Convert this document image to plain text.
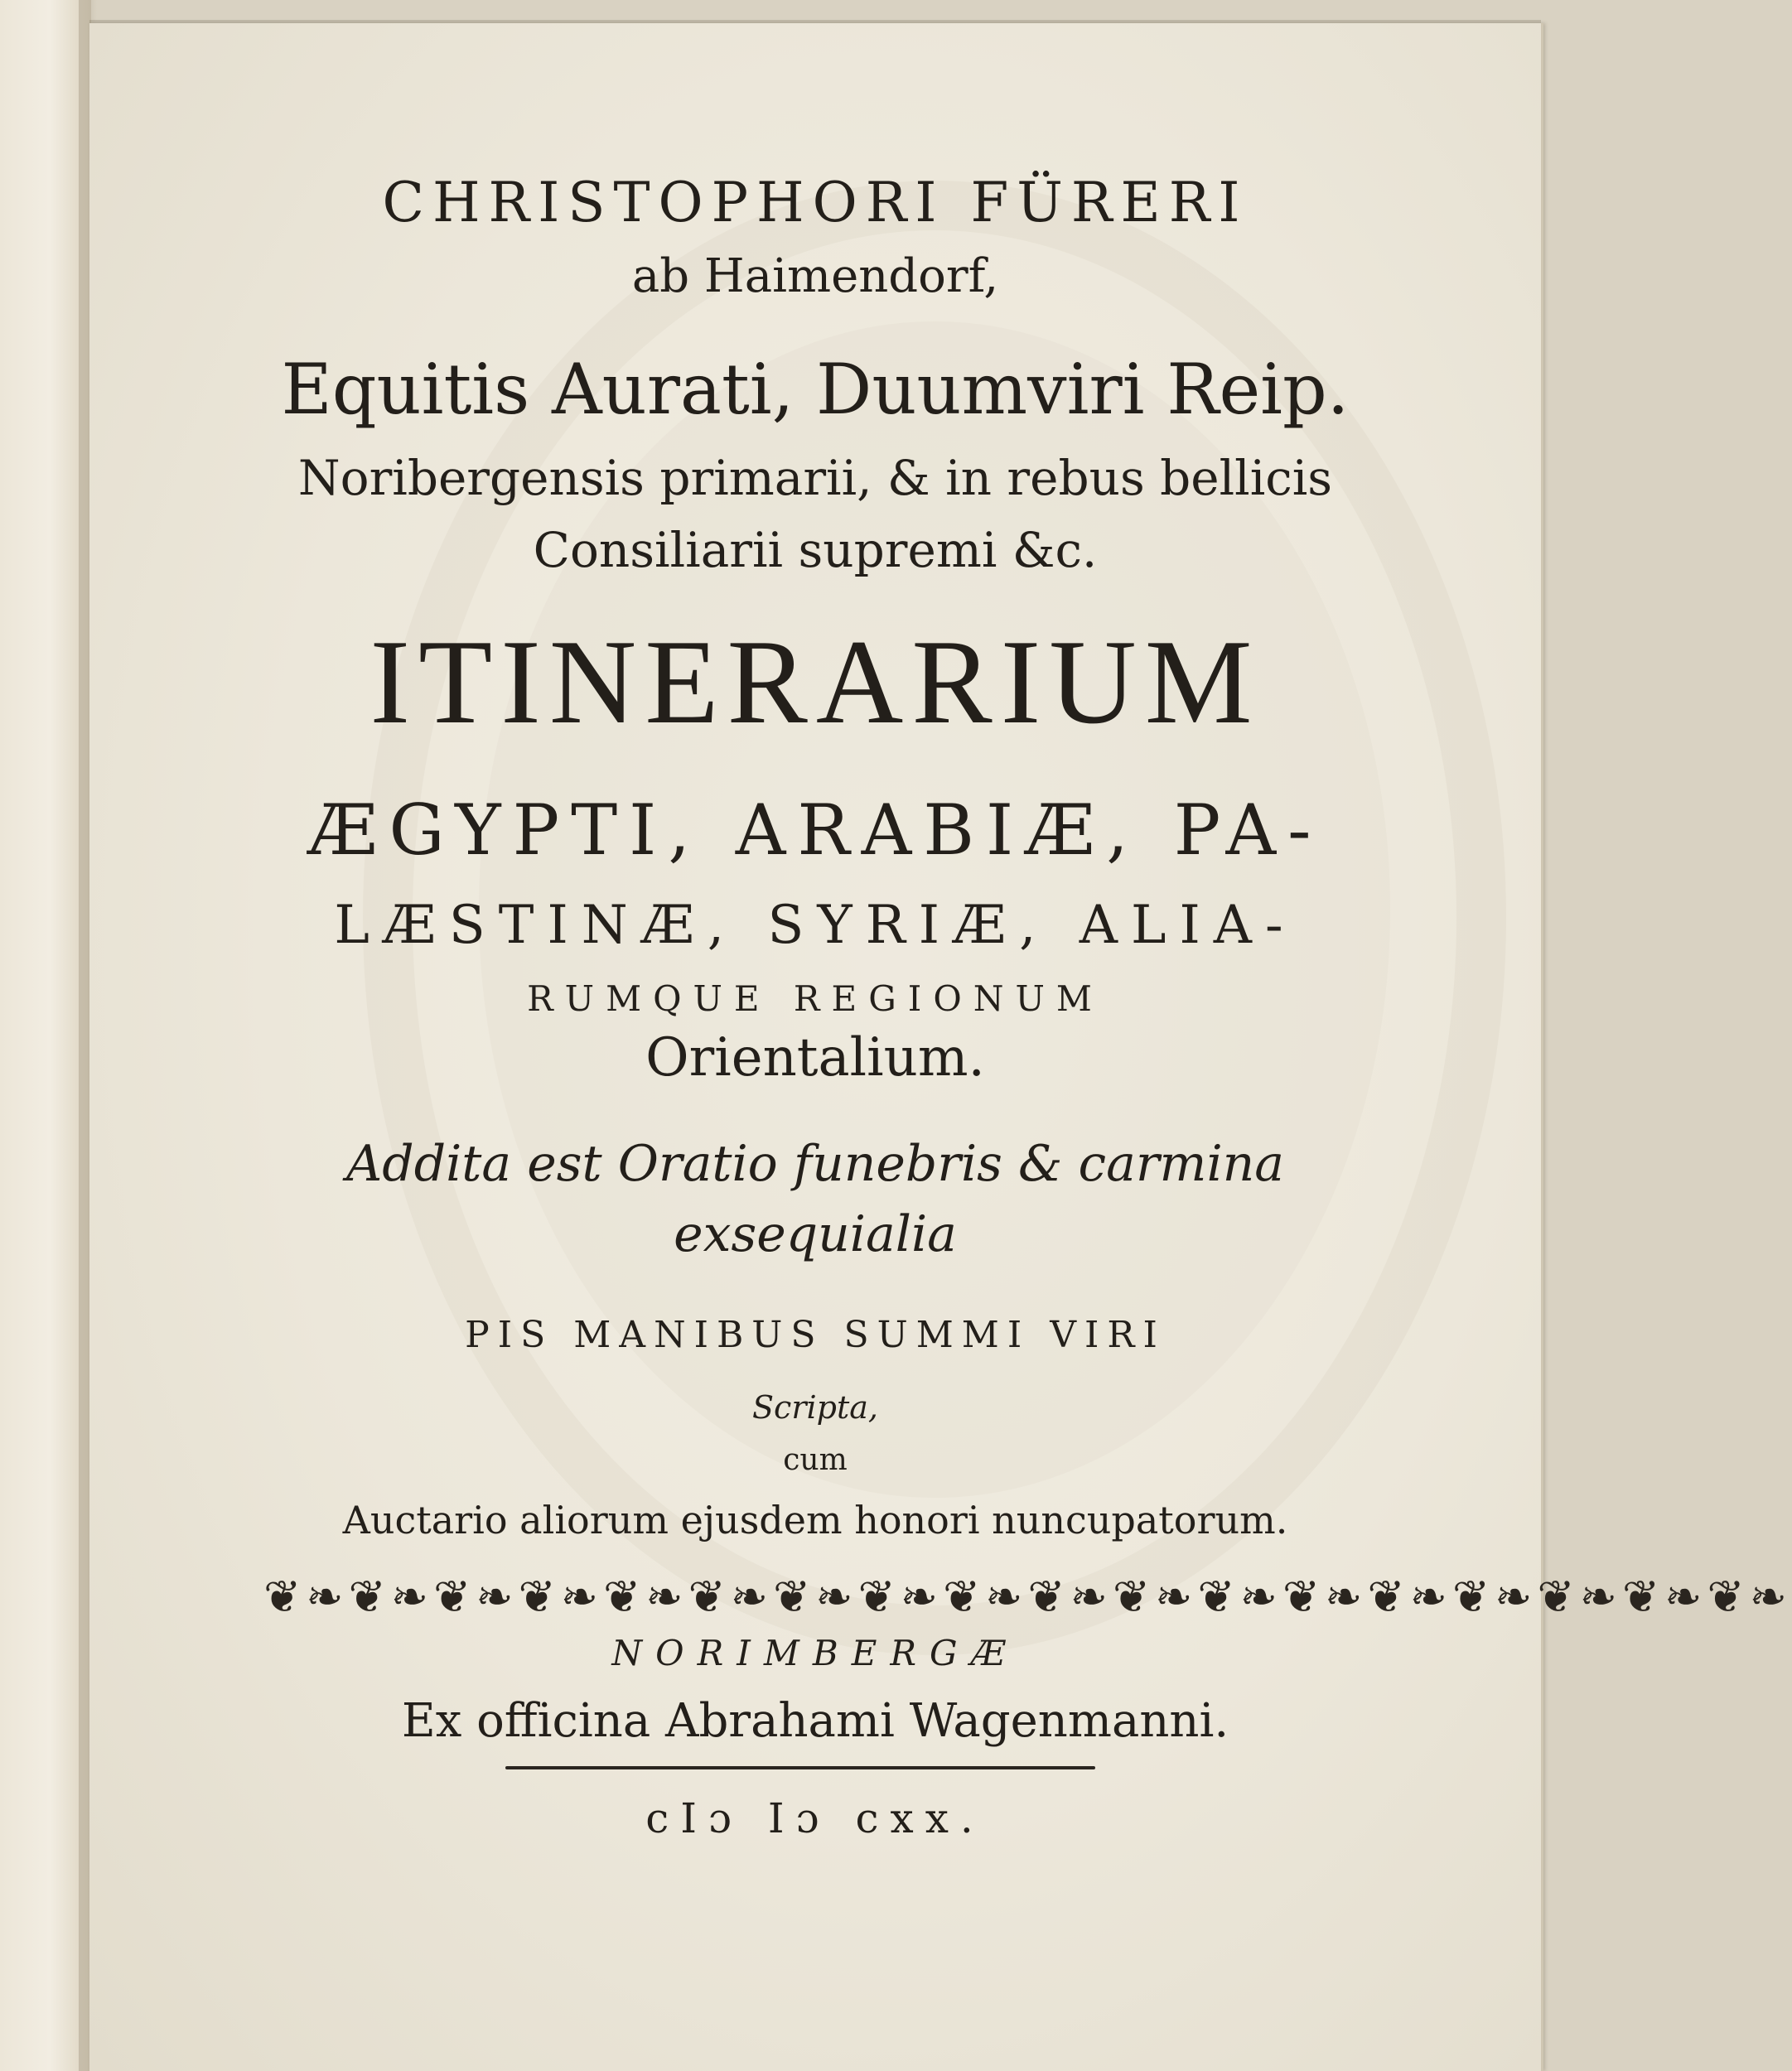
CHRISTOPHORI FÜRERI
ab Haimendorf,
Equitis Aurati, Duumviri Reip.
Noribergensis primarii, & in rebus bellicis
Consiliarii supremi &c.
ITINERARIUM
ÆGYPTI, ARABIÆ, PA-
LÆSTINÆ, SYRIÆ, ALIA-
RUMQUE REGIONUM
Orientalium.
Addita est Oratio funebris & carmina
exsequialia
PIS MANIBUS SUMMI VIRI
Scripta,
cum
Auctario aliorum ejusdem honori nuncupatorum.
❦❧❦❧❦❧❦❧❦❧❦❧❦❧❦❧❦❧❦❧❦❧❦❧❦❧❦❧❦❧❦❧❦❧❦❧
NORIMBERGÆ
Ex officina Abrahami Wagenmanni.
cIɔ Iɔ cxx.
